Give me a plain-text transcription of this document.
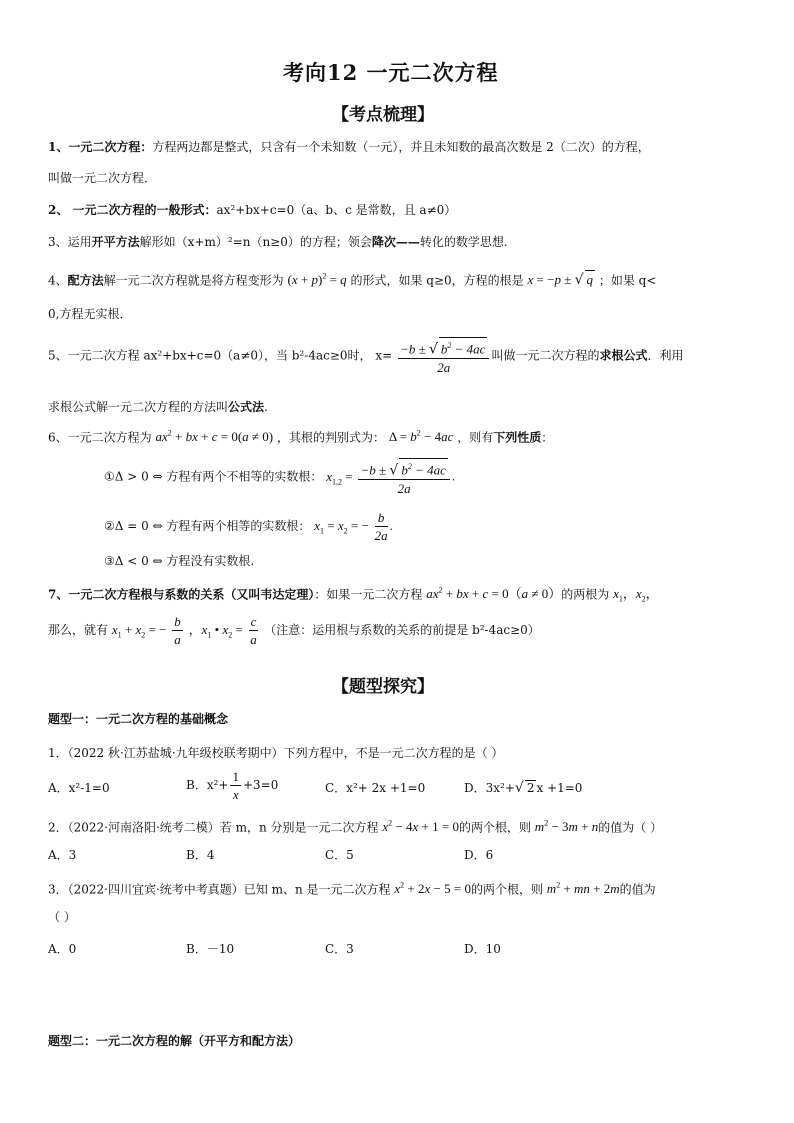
考向12 一元二次方程
【考点梳理】
1、一元二次方程：方程两边都是整式，只含有一个未知数（一元），并且未知数的最高次数是 2（二次）的方程，
叫做一元二次方程．
2、 一元二次方程的一般形式：ax²+bx+c=0（a、b、c 是常数，且 a≠0）
3、运用开平方法解形如（x+m）²=n（n≥0）的方程；领会降次——转化的数学思想.
4、配方法解一元二次方程就是将方程变形为 $(x + p)^2 = q$ 的形式，如果 q≥0，方程的根是 x = −p ± √ q ；如果 q<
0,方程无实根．
5、一元二次方程 ax²+bx+c=0（a≠0），当 b²-4ac≥0时， $x= \frac{-b \pm √ b^2 - 4ac}{2a}$ 叫做一元二次方程的求根公式．利用
求根公式解一元二次方程的方法叫公式法.
6、一元二次方程为 $ax^2$ + bx + c = 0(a ≠ 0) ，其根的判别式为： $\Delta = b^2 - 4ac$ ，则有下列性质：
①Δ > 0 ⇔ 方程有两个不相等的实数根： $x_{1,2} = \frac{-b \pm √ b^2 - 4ac}{2a}$ .
②Δ = 0 ⇔ 方程有两个相等的实数根： $x_1 = x_2$ = − $\frac{b}{2a}$ .
③Δ < 0 ⇔ 方程没有实数根.
7、一元二次方程根与系数的关系（又叫韦达定理）：如果一元二次方程 $ax^2$ + bx + c = 0（a ≠ 0）的两根为 $x_1$，$x_2$，
那么，就有 $x_1 + x_2$ = − $\frac{b}{a}$ ，$x_1$ • $x_2 = \frac{c}{a}$ （注意：运用根与系数的关系的前提是 b²-4ac≥0）
【题型探究】
题型一：一元二次方程的基础概念
1．（2022 秋·江苏盐城·九年级校联考期中）下列方程中，不是一元二次方程的是（ ）
A．x²-1=0	B．$x^2+ \frac{1}{x} +3=0$	C．x²+ 2x +1=0	D．3x²+√ 2 x +1=0
2．（2022·河南洛阳·统考二模）若 m，n 分别是一元二次方程 $x^2 - 4x + 1 = 0$的两个根，则 $m^2 - 3m + n$的值为（ ）
A．3	B．4	C．5	D．6
3．（2022·四川宜宾·统考中考真题）已知 m、n 是一元二次方程 $x^2 + 2x - 5 = 0$的两个根，则 $m^2$ + mn + 2m的值为
（ ）
A．0	B．－10	C．3	D．10
题型二：一元二次方程的解（开平方和配方法）
